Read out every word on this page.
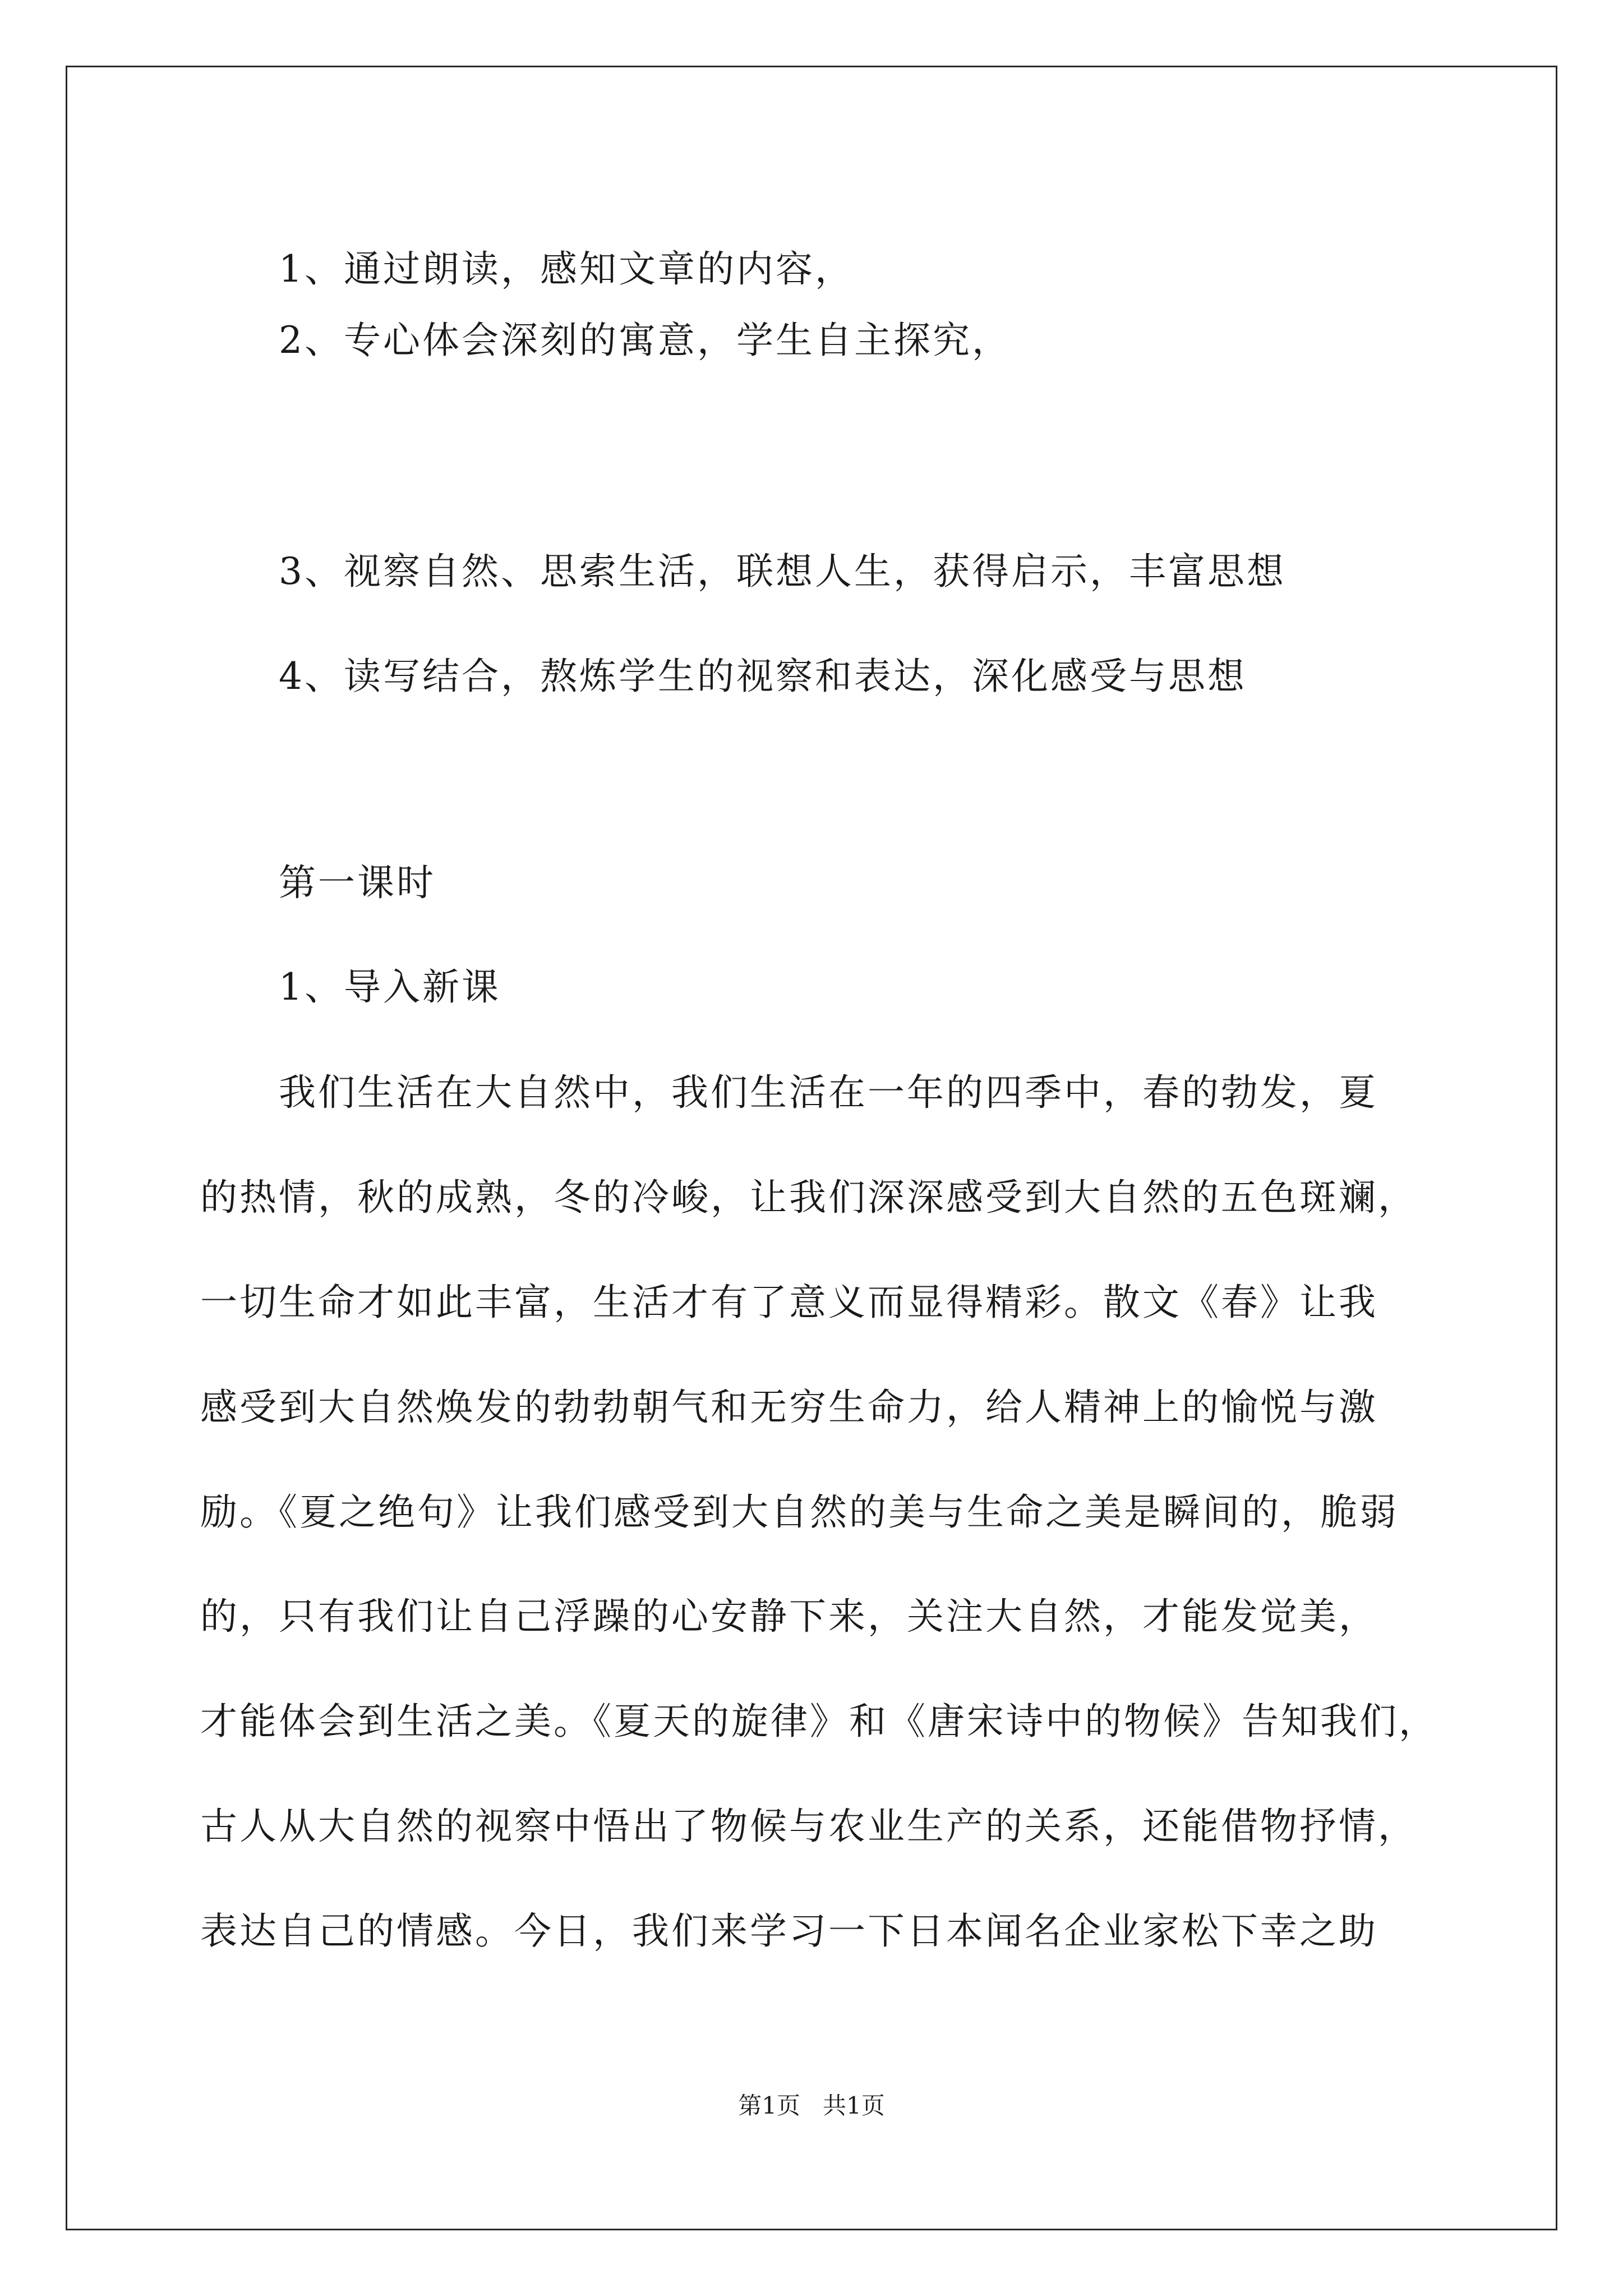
1、通过朗读，感知文章的内容，
2、专心体会深刻的寓意，学生自主探究，
3、视察自然、思索生活，联想人生，获得启示，丰富思想
4、读写结合，熬炼学生的视察和表达，深化感受与思想
第一课时
1、导入新课
我们生活在大自然中，我们生活在一年的四季中，春的勃发，夏
的热情，秋的成熟，冬的冷峻，让我们深深感受到大自然的五色斑斓，
一切生命才如此丰富，生活才有了意义而显得精彩。散文《春》让我
感受到大自然焕发的勃勃朝气和无穷生命力，给人精神上的愉悦与激
励。《夏之绝句》让我们感受到大自然的美与生命之美是瞬间的，脆弱
的，只有我们让自己浮躁的心安静下来，关注大自然，才能发觉美，
才能体会到生活之美。《夏天的旋律》和《唐宋诗中的物候》告知我们，
古人从大自然的视察中悟出了物候与农业生产的关系，还能借物抒情，
表达自己的情感。今日，我们来学习一下日本闻名企业家松下幸之助
第1页   共1页
